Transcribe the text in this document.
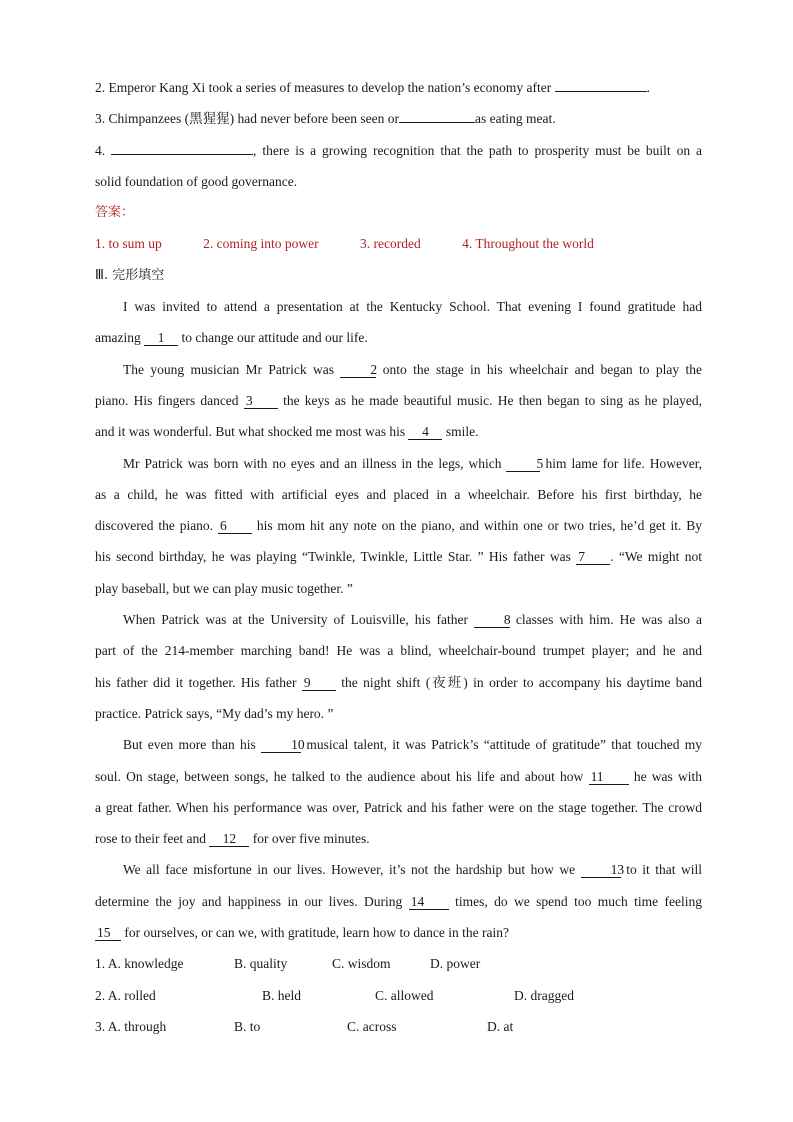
2. Emperor Kang Xi took a series of measures to develop the nation’s economy after	.
3. Chimpanzees (黑猩猩) had never before been seen or	as eating meat.
4.	, there is a growing recognition that the path to prosperity must be built on a
solid foundation of good governance.
答案：
1. to sum up	2. coming into power	3. recorded	4. Throughout the world
Ⅲ. 完形填空
I was invited to attend a presentation at the Kentucky School. That evening I found gratitude had
amazing 1 to change our attitude and our life.
The young musician Mr Patrick was	2 onto the stage in his wheelchair and began to play the
piano. His fingers danced 3 the keys as he made beautiful music. He then began to sing as he played,
and it was wonderful. But what shocked me most was his 4 smile.
Mr Patrick was born with no eyes and an illness in the legs, which	5 him lame for life. However,
as a child, he was fitted with artificial eyes and placed in a wheelchair. Before his first birthday, he
discovered the piano. 6 his mom hit any note on the piano, and within one or two tries, he’d get it. By
his second birthday, he was playing “Twinkle, Twinkle, Little Star. ” His father was 7 . “We might not
play baseball, but we can play music together. ”
When Patrick was at the University of Louisville, his father	8 classes with him. He was also a
part of the 214-member marching band! He was a blind, wheelchair-bound trumpet player; and he and
his father did it together. His father 9 the night shift (夜班) in order to accompany his daytime band
practice. Patrick says, “My dad’s my hero. ”
But even more than his	10 musical talent, it was Patrick’s “attitude of gratitude” that touched my
soul. On stage, between songs, he talked to the audience about his life and about how 11 he was with
a great father. When his performance was over, Patrick and his father were on the stage together. The crowd
rose to their feet and 12 for over five minutes.
We all face misfortune in our lives. However, it’s not the hardship but how we	13 to it that will
determine the joy and happiness in our lives. During 14 times, do we spend too much time feeling
15 for ourselves, or can we, with gratitude, learn how to dance in the rain?
1. A. knowledge	B. quality	C. wisdom	D. power
2. A. rolled	B. held	C. allowed	D. dragged
3. A. through	B. to	C. across	D. at
